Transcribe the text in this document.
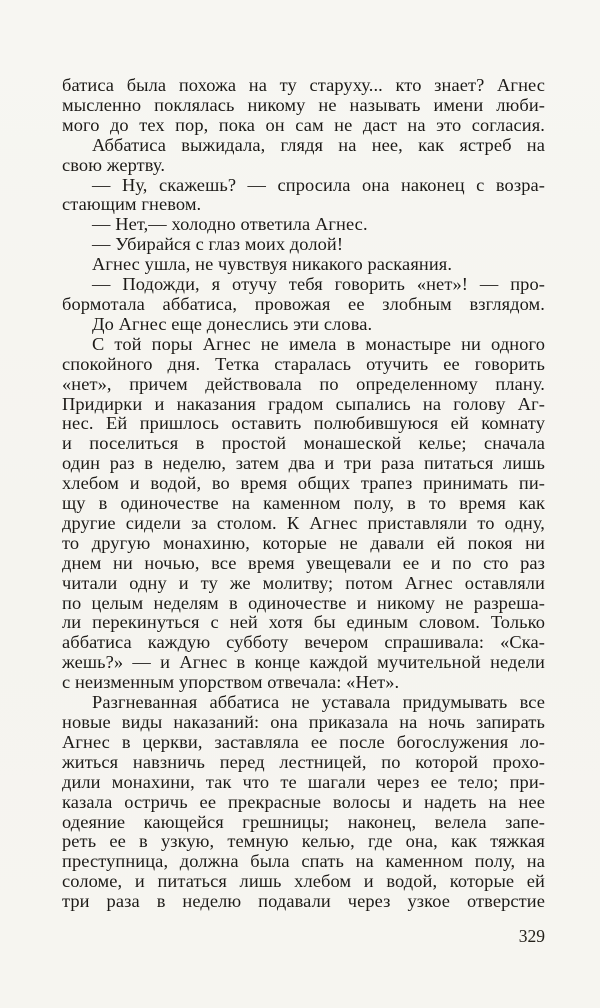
батиса была похожа на ту старуху... кто знает? Агнес
мысленно поклялась никому не называть имени люби-
мого до тех пор, пока он сам не даст на это согласия.
Аббатиса выжидала, глядя на нее, как ястреб на
свою жертву.
— Ну, скажешь? — спросила она наконец с возра-
стающим гневом.
— Нет,— холодно ответила Агнес.
— Убирайся с глаз моих долой!
Агнес ушла, не чувствуя никакого раскаяния.
— Подожди, я отучу тебя говорить «нет»! — про-
бормотала аббатиса, провожая ее злобным взглядом.
До Агнес еще донеслись эти слова.
С той поры Агнес не имела в монастыре ни одного
спокойного дня. Тетка старалась отучить ее говорить
«нет», причем действовала по определенному плану.
Придирки и наказания градом сыпались на голову Аг-
нес. Ей пришлось оставить полюбившуюся ей комнату
и поселиться в простой монашеской келье; сначала
один раз в неделю, затем два и три раза питаться лишь
хлебом и водой, во время общих трапез принимать пи-
щу в одиночестве на каменном полу, в то время как
другие сидели за столом. К Агнес приставляли то одну,
то другую монахиню, которые не давали ей покоя ни
днем ни ночью, все время увещевали ее и по сто раз
читали одну и ту же молитву; потом Агнес оставляли
по целым неделям в одиночестве и никому не разреша-
ли перекинуться с ней хотя бы единым словом. Только
аббатиса каждую субботу вечером спрашивала: «Ска-
жешь?» — и Агнес в конце каждой мучительной недели
с неизменным упорством отвечала: «Нет».
Разгневанная аббатиса не уставала придумывать все
новые виды наказаний: она приказала на ночь запирать
Агнес в церкви, заставляла ее после богослужения ло-
житься навзничь перед лестницей, по которой прохо-
дили монахини, так что те шагали через ее тело; при-
казала остричь ее прекрасные волосы и надеть на нее
одеяние кающейся грешницы; наконец, велела запе-
реть ее в узкую, темную келью, где она, как тяжкая
преступница, должна была спать на каменном полу, на
соломе, и питаться лишь хлебом и водой, которые ей
три раза в неделю подавали через узкое отверстие
329
